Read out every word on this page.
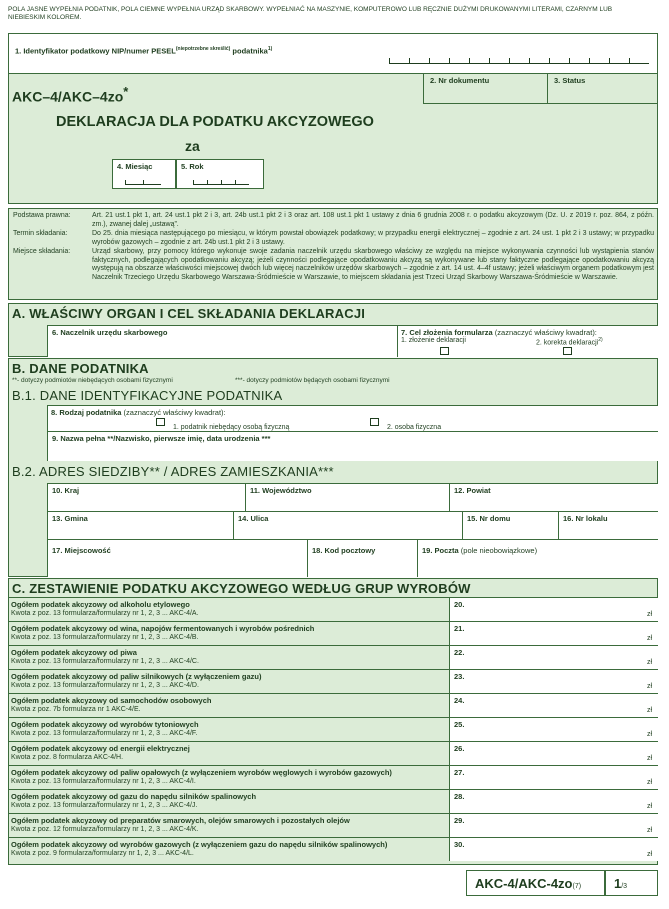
POLA JASNE WYPEŁNIA PODATNIK, POLA CIEMNE WYPEŁNIA URZĄD SKARBOWY. WYPEŁNIAĆ NA MASZYNIE, KOMPUTEROWO LUB RĘCZNIE DUŻYMI DRUKOWANYMI LITERAMI, CZARNYM LUB NIEBIESKIM KOLOREM.
1. Identyfikator podatkowy NIP/numer $PESEL^{(niepotrzebne skreślić)}$ podatnika$^{1)}$
2. Nr dokumentu	3. Status
AKC–4/AKC–4zo*
DEKLARACJA DLA PODATKU AKCYZOWEGO
za
4. Miesiąc	5. Rok
Podstawa prawna:	Art. 21 ust.1 pkt 1, art. 24 ust.1 pkt 2 i 3, art. 24b ust.1 pkt 2 i 3 oraz art. 108 ust.1 pkt 1 ustawy z dnia 6 grudnia 2008 r. o podatku akcyzowym (Dz. U. z 2019 r. poz. 864, z późn. zm.), zwanej dalej „ustawą”.
Termin składania:	Do 25. dnia miesiąca następującego po miesiącu, w którym powstał obowiązek podatkowy; w przypadku energii elektrycznej – zgodnie z art. 24 ust. 1 pkt 2 i 3 ustawy; w przypadku wyrobów gazowych – zgodnie z art. 24b ust.1 pkt 2 i 3 ustawy.
Miejsce składania:	Urząd skarbowy, przy pomocy którego wykonuje swoje zadania naczelnik urzędu skarbowego właściwy ze względu na miejsce wykonywania czynności lub wystąpienia stanów faktycznych, podlegających opodatkowaniu akcyzą; jeżeli czynności podlegające opodatkowaniu akcyzą są wykonywane lub stany faktyczne podlegające opodatkowaniu akcyzą występują na obszarze właściwości miejscowej dwóch lub więcej naczelników urzędów skarbowych – zgodnie z art. 14 ust. 4–4f ustawy; jeżeli właściwym organem podatkowym jest Naczelnik Trzeciego Urzędu Skarbowego Warszawa-Śródmieście w Warszawie, to miejscem składania jest Trzeci Urząd Skarbowy Warszawa-Śródmieście w Warszawie.
A. WŁAŚCIWY ORGAN I CEL SKŁADANIA DEKLARACJI
6. Naczelnik urzędu skarbowego	7. Cel złożenia formularza (zaznaczyć właściwy kwadrat):
1. złożenie deklaracji	2. korekta deklaracji$^{2)}$
B. DANE PODATNIKA
**- dotyczy podmiotów niebędących osobami fizycznymi	***- dotyczy podmiotów będących osobami fizycznymi
B.1. DANE IDENTYFIKACYJNE PODATNIKA
8. Rodzaj podatnika (zaznaczyć właściwy kwadrat):
1. podatnik niebędący osobą fizyczną	2. osoba fizyczna
9. Nazwa pełna **/Nazwisko, pierwsze imię, data urodzenia ***
B.2. ADRES SIEDZIBY** / ADRES ZAMIESZKANIA***
10. Kraj	11. Województwo	12. Powiat
13. Gmina	14. Ulica	15. Nr domu	16. Nr lokalu
17. Miejscowość	18. Kod pocztowy	19. Poczta (pole nieobowiązkowe)
C. ZESTAWIENIE PODATKU AKCYZOWEGO WEDŁUG GRUP WYROBÓW
Ogółem podatek akcyzowy od alkoholu etylowego
Kwota z poz. 13 formularza/formularzy nr 1, 2, 3 ... AKC-4/A.
20.
zł
Ogółem podatek akcyzowy od wina, napojów fermentowanych i wyrobów pośrednich
Kwota z poz. 13 formularza/formularzy nr 1, 2, 3 ... AKC-4/B.
21.
zł
Ogółem podatek akcyzowy od piwa
Kwota z poz. 13 formularza/formularzy nr 1, 2, 3 ... AKC-4/C.
22.
zł
Ogółem podatek akcyzowy od paliw silnikowych (z wyłączeniem gazu)
Kwota z poz. 13 formularza/formularzy nr 1, 2, 3 ... AKC-4/D.
23.
zł
Ogółem podatek akcyzowy od samochodów osobowych
Kwota z poz. 7b formularza nr 1 AKC-4/E.
24.
zł
Ogółem podatek akcyzowy od wyrobów tytoniowych
Kwota z poz. 13 formularza/formularzy nr 1, 2, 3 ... AKC-4/F.
25.
zł
Ogółem podatek akcyzowy od energii elektrycznej
Kwota z poz. 8 formularza AKC-4/H.
26.
zł
Ogółem podatek akcyzowy od paliw opałowych (z wyłączeniem wyrobów węglowych i wyrobów gazowych)
Kwota z poz. 13 formularza/formularzy nr 1, 2, 3 ... AKC-4/I.
27.
zł
Ogółem podatek akcyzowy od gazu do napędu silników spalinowych
Kwota z poz. 13 formularza/formularzy nr 1, 2, 3 ... AKC-4/J.
28.
zł
Ogółem podatek akcyzowy od preparatów smarowych, olejów smarowych i pozostałych olejów
Kwota z poz. 12 formularza/formularzy nr 1, 2, 3 ... AKC-4/K.
29.
zł
Ogółem podatek akcyzowy od wyrobów gazowych (z wyłączeniem gazu do napędu silników spalinowych)
Kwota z poz. 9 formularza/formularzy nr 1, 2, 3 ... AKC-4/L.
30.
zł
AKC-4/AKC-4zo(7)	1/3
